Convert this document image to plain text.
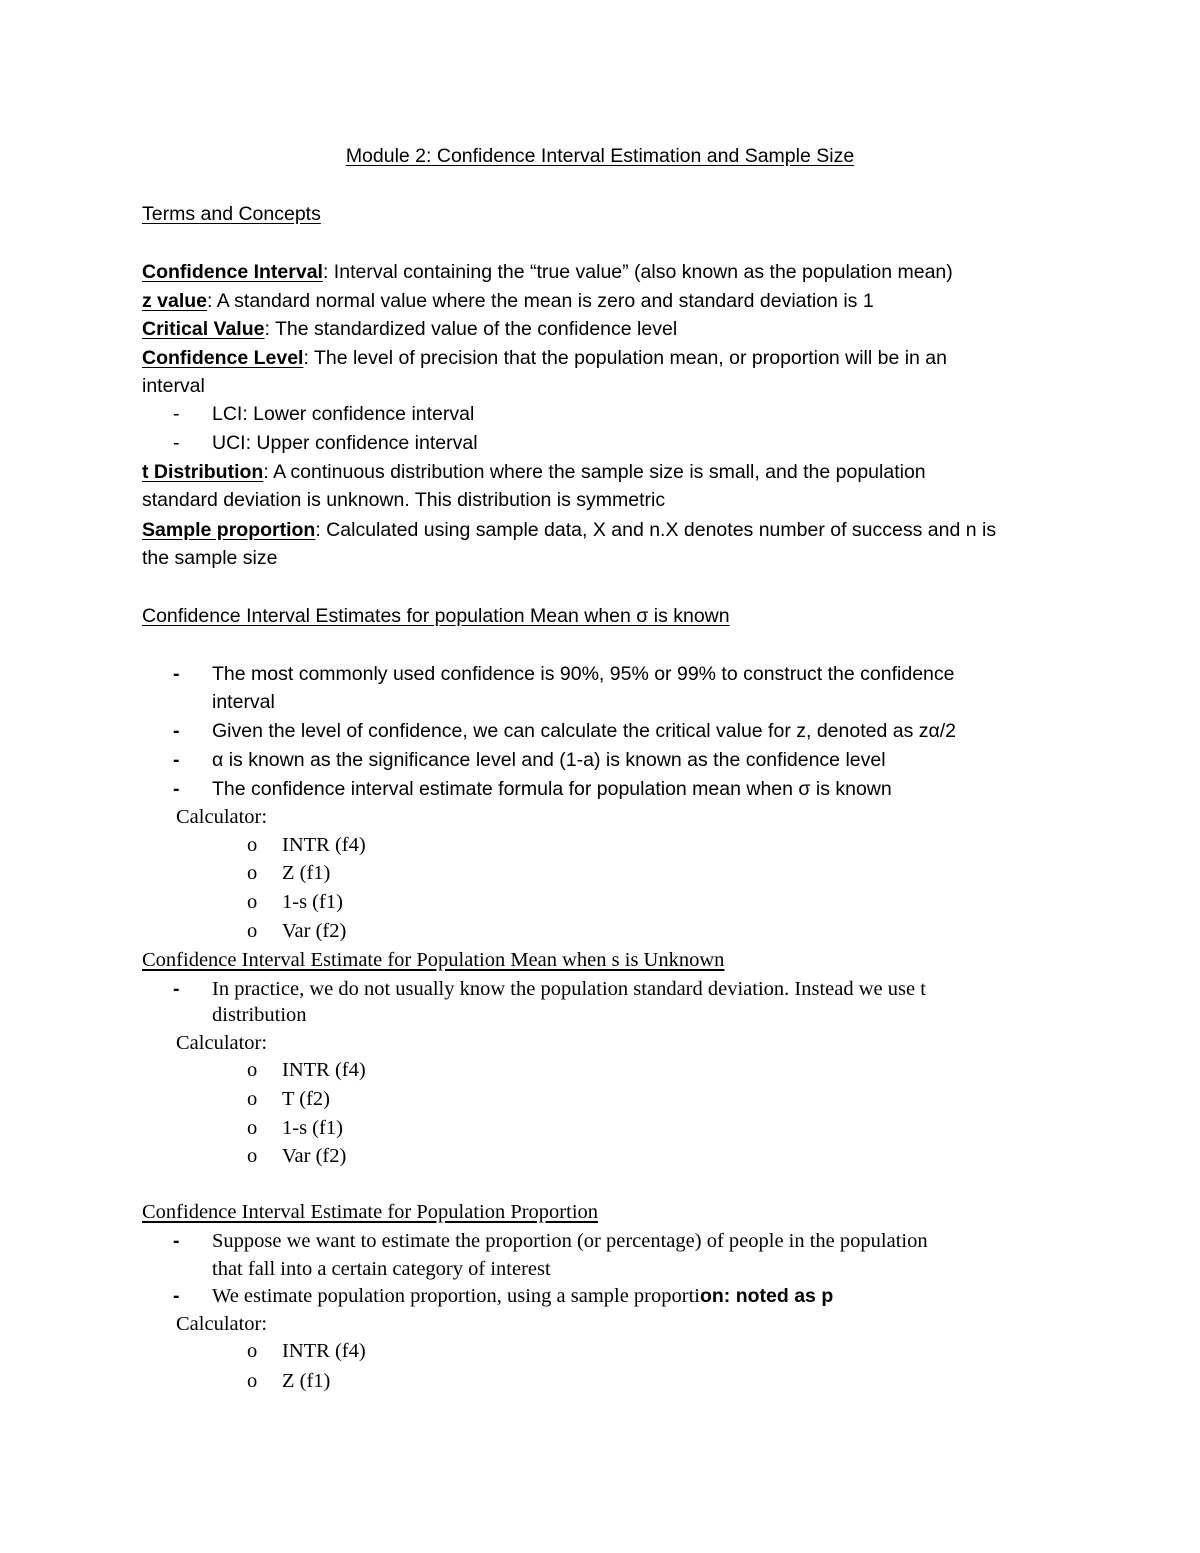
Module 2: Confidence Interval Estimation and Sample Size
Terms and Concepts
Confidence Interval: Interval containing the “true value” (also known as the population mean)
z value: A standard normal value where the mean is zero and standard deviation is 1
Critical Value: The standardized value of the confidence level
Confidence Level: The level of precision that the population mean, or proportion will be in an
interval
- LCI: Lower confidence interval
- UCI: Upper confidence interval
t Distribution: A continuous distribution where the sample size is small, and the population
standard deviation is unknown. This distribution is symmetric
Sample proportion: Calculated using sample data, X and n.X denotes number of success and n is
the sample size
Confidence Interval Estimates for population Mean when σ is known
- The most commonly used confidence is 90%, 95% or 99% to construct the confidence
interval
- Given the level of confidence, we can calculate the critical value for z, denoted as zα/2
- α is known as the significance level and (1-a) is known as the confidence level
- The confidence interval estimate formula for population mean when σ is known
Calculator:
o INTR (f4)
o Z (f1)
o 1-s (f1)
o Var (f2)
Confidence Interval Estimate for Population Mean when s is Unknown
- In practice, we do not usually know the population standard deviation. Instead we use t
distribution
Calculator:
o INTR (f4)
o T (f2)
o 1-s (f1)
o Var (f2)
Confidence Interval Estimate for Population Proportion
- Suppose we want to estimate the proportion (or percentage) of people in the population
that fall into a certain category of interest
- We estimate population proportion, using a sample proportion: noted as p
Calculator:
o INTR (f4)
o Z (f1)
